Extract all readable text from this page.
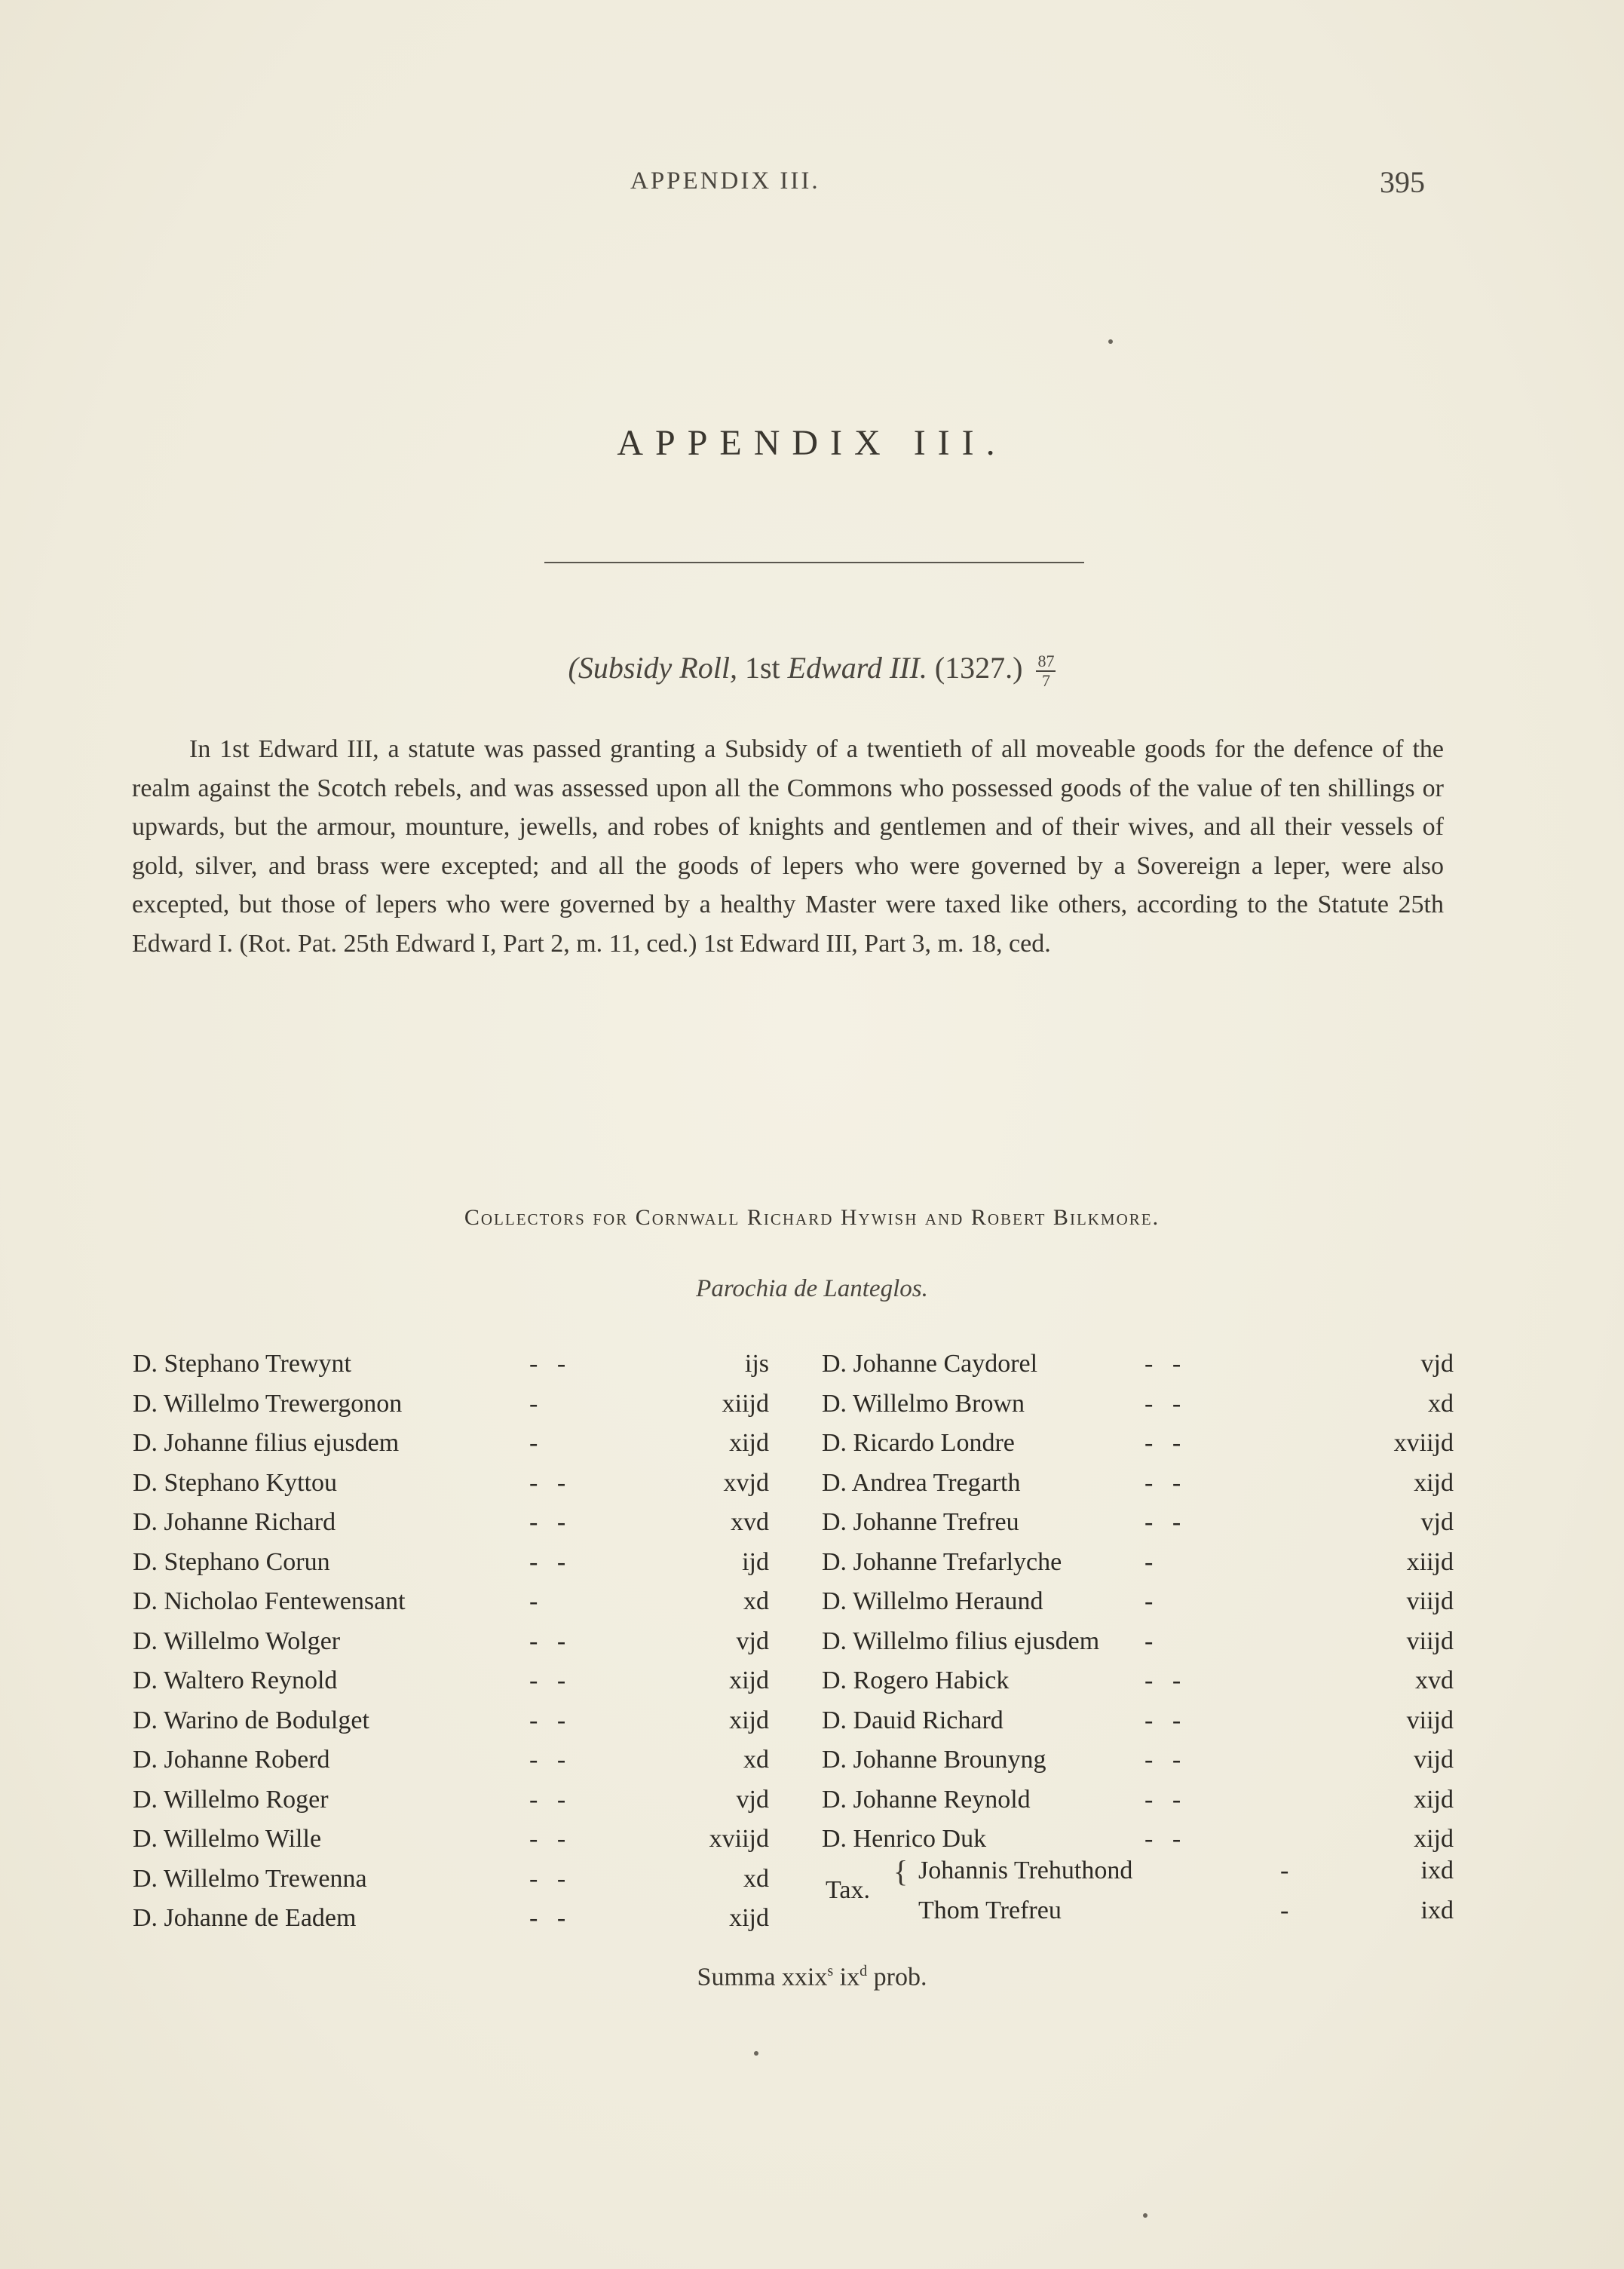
APPENDIX III.	395
APPENDIX III.
(Subsidy Roll, 1st Edward III. $(1327.) \frac{87}{7}$
In 1st Edward III, a statute was passed granting a Subsidy of a twentieth of all moveable goods for the defence of the realm against the Scotch rebels, and was assessed upon all the Commons who possessed goods of the value of ten shillings or upwards, but the armour, mounture, jewells, and robes of knights and gentlemen and of their wives, and all their vessels of gold, silver, and brass were excepted; and all the goods of lepers who were governed by a Sovereign a leper, were also excepted, but those of lepers who were governed by a healthy Master were taxed like others, according to the Statute 25th Edward I. (Rot. Pat. 25th Edward I, Part 2, m. 11, ced.) 1st Edward III, Part 3, m. 18, ced.
Collectors for Cornwall Richard Hywish and Robert Bilkmore.
Parochia de Lanteglos.
D. Stephano Trewynt	-   -	ijs
D. Willelmo Trewergonon	-	xiijd
D. Johanne filius ejusdem	-	xijd
D. Stephano Kyttou	-   -	xvjd
D. Johanne Richard	-   -	xvd
D. Stephano Corun	-   -	ijd
D. Nicholao Fentewensant	-	xd
D. Willelmo Wolger	-   -	vjd
D. Waltero Reynold	-   -	xijd
D. Warino de Bodulget	-   -	xijd
D. Johanne Roberd	-   -	xd
D. Willelmo Roger	-   -	vjd
D. Willelmo Wille	-   -	xviijd
D. Willelmo Trewenna	-   -	xd
D. Johanne de Eadem	-   -	xijd
D. Johanne Caydorel	-   -	vjd
D. Willelmo Brown	-   -	xd
D. Ricardo Londre	-   -	xviijd
D. Andrea Tregarth	-   -	xijd
D. Johanne Trefreu	-   -	vjd
D. Johanne Trefarlyche	-	xiijd
D. Willelmo Heraund	-	viijd
D. Willelmo filius ejusdem -	viijd
D. Rogero Habick	-   -	xvd
D. Dauid Richard	-   -	viijd
D. Johanne Brounyng	-   -	vijd
D. Johanne Reynold	-   -	xijd
D. Henrico Duk	-   -	xijd
Tax.
{ Johannis Trehuthond	-	ixd
Thom Trefreu	-	ixd
Summa xxix$^s$ $ix^d$ prob.
